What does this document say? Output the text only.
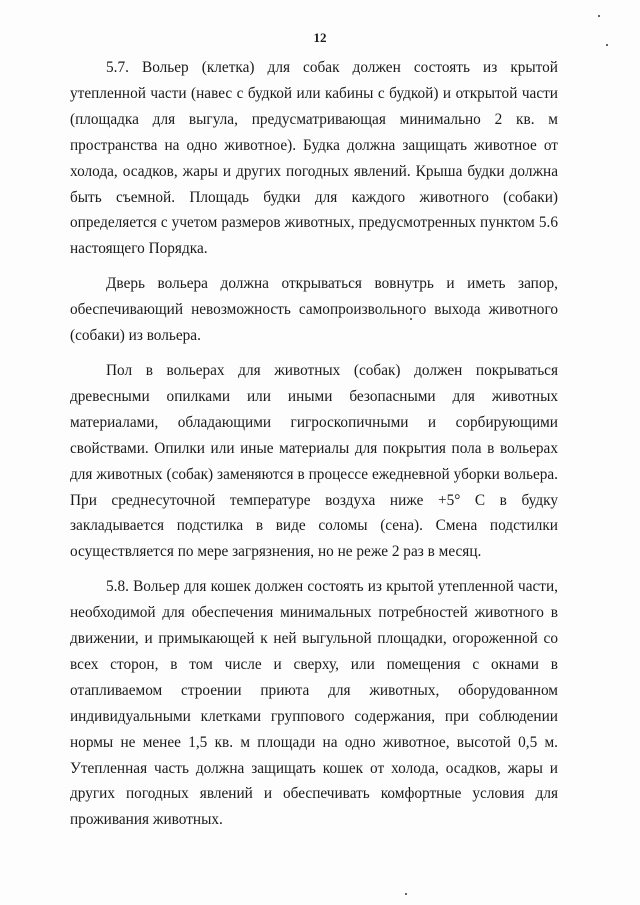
12

5.7. Вольер (клетка) для собак должен состоять из крытой утепленной части (навес с будкой или кабины с будкой) и открытой части (площадка для выгула, предусматривающая минимально 2 кв. м пространства на одно животное). Будка должна защищать животное от холода, осадков, жары и других погодных явлений. Крыша будки должна быть съемной. Площадь будки для каждого животного (собаки) определяется с учетом размеров животных, предусмотренных пунктом 5.6 настоящего Порядка.

Дверь вольера должна открываться вовнутрь и иметь запор, обеспечивающий невозможность самопроизвольного выхода животного (собаки) из вольера.

Пол в вольерах для животных (собак) должен покрываться древесными опилками или иными безопасными для животных материалами, обладающими гигроскопичными и сорбирующими свойствами. Опилки или иные материалы для покрытия пола в вольерах для животных (собак) заменяются в процессе ежедневной уборки вольера. При среднесуточной температуре воздуха ниже +5° С в будку закладывается подстилка в виде соломы (сена). Смена подстилки осуществляется по мере загрязнения, но не реже 2 раз в месяц.

5.8. Вольер для кошек должен состоять из крытой утепленной части, необходимой для обеспечения минимальных потребностей животного в движении, и примыкающей к ней выгульной площадки, огороженной со всех сторон, в том числе и сверху, или помещения с окнами в отапливаемом строении приюта для животных, оборудованном индивидуальными клетками группового содержания, при соблюдении нормы не менее 1,5 кв. м площади на одно животное, высотой 0,5 м. Утепленная часть должна защищать кошек от холода, осадков, жары и других погодных явлений и обеспечивать комфортные условия для проживания животных.
